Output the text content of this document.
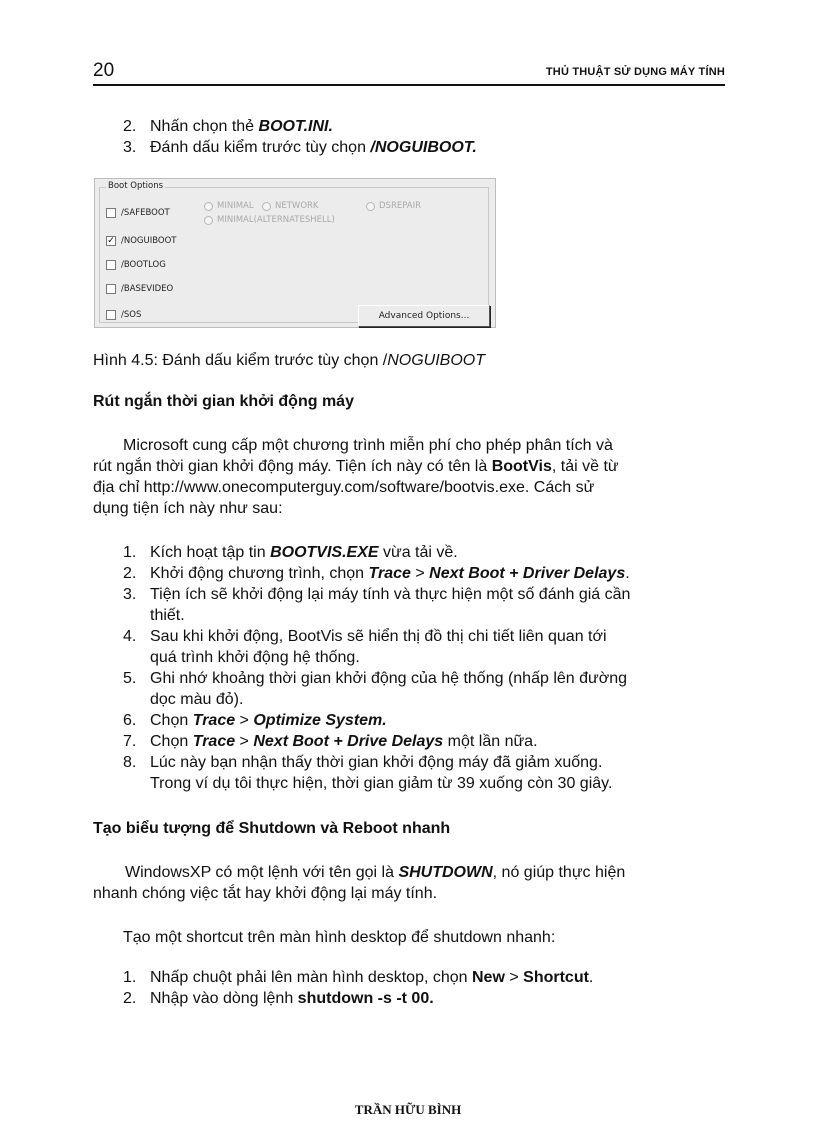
20	THỦ THUẬT SỬ DỤNG MÁY TÍNH
2. Nhấn chọn thẻ BOOT.INI.
3. Đánh dấu kiểm trước tùy chọn /NOGUIBOOT.
Boot Options
/SAFEBOOT
✓ /NOGUIBOOT
/BOOTLOG
/BASEVIDEO
/SOS
MINIMAL	NETWORK	DSREPAIR
MINIMAL(ALTERNATESHELL)
Advanced Options...

Hình 4.5: Đánh dấu kiểm trước tùy chọn /NOGUIBOOT

Rút ngắn thời gian khởi động máy

Microsoft cung cấp một chương trình miễn phí cho phép phân tích và
rút ngắn thời gian khởi động máy. Tiện ích này có tên là BootVis, tải về từ
địa chỉ http://www.onecomputerguy.com/software/bootvis.exe. Cách sử
dụng tiện ích này như sau:
1. Kích hoạt tập tin BOOTVIS.EXE vừa tải về.
2. Khởi động chương trình, chọn Trace > Next Boot + Driver Delays.
3. Tiện ích sẽ khởi động lại máy tính và thực hiện một số đánh giá cần
thiết.
4. Sau khi khởi động, BootVis sẽ hiển thị đồ thị chi tiết liên quan tới
quá trình khởi động hệ thống.
5. Ghi nhớ khoảng thời gian khởi động của hệ thống (nhấp lên đường
dọc màu đỏ).
6. Chọn Trace > Optimize System.
7. Chọn Trace > Next Boot + Drive Delays một lần nữa.
8. Lúc này bạn nhận thấy thời gian khởi động máy đã giảm xuống.
Trong ví dụ tôi thực hiện, thời gian giảm từ 39 xuống còn 30 giây.

Tạo biểu tượng để Shutdown và Reboot nhanh

WindowsXP có một lệnh với tên gọi là SHUTDOWN, nó giúp thực hiện
nhanh chóng việc tắt hay khởi động lại máy tính.
Tạo một shortcut trên màn hình desktop để shutdown nhanh:
1. Nhấp chuột phải lên màn hình desktop, chọn New > Shortcut.
2. Nhập vào dòng lệnh shutdown -s -t 00.
TRẦN HỮU BÌNH
